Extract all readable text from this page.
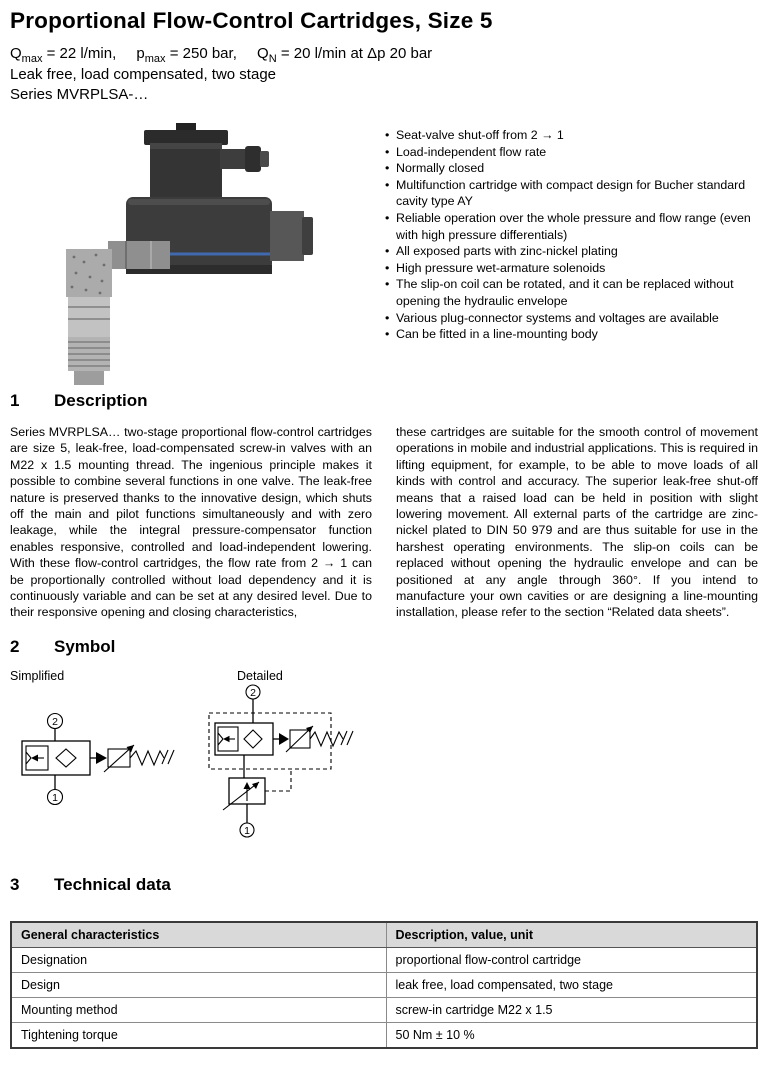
Proportional Flow-Control Cartridges, Size 5
$Q_{max} = 22$ l/min, $p_{max} = 250$ bar, $Q_N = 20$ l/min at Δp 20 bar
Leak free, load compensated, two stage
Series MVRPLSA-…
• Seat-valve shut-off from 2 → 1
• Load-independent flow rate
• Normally closed
• Multifunction cartridge with compact design for Bucher standard cavity type AY
• Reliable operation over the whole pressure and flow range (even with high pressure differentials)
• All exposed parts with zinc-nickel plating
• High pressure wet-armature solenoids
• The slip-on coil can be rotated, and it can be replaced without opening the hydraulic envelope
• Various plug-connector systems and voltages are available
• Can be fitted in a line-mounting body
1 Description

Series MVRPLSA… two-stage proportional flow-control cartridges are size 5, leak-free, load-compensated screw-in valves with an M22 x 1.5 mounting thread. The ingenious principle makes it possible to combine several functions in one valve. The leak-free nature is preserved thanks to the innovative design, which shuts off the main and pilot functions simultaneously and with zero leakage, while the integral pressure-compensator function enables responsive, controlled and load-independent lowering. With these flow-control cartridges, the flow rate from 2 → 1 can be proportionally controlled without load dependency and it is continuously variable and can be set at any desired level. Due to their responsive opening and closing characteristics,

these cartridges are suitable for the smooth control of movement operations in mobile and industrial applications. This is required in lifting equipment, for example, to be able to move loads of all kinds with control and accuracy. The superior leak-free shut-off means that a raised load can be held in position with slight lowering movement. All external parts of the cartridge are zinc-nickel plated to DIN 50 979 and are thus suitable for use in the harshest operating environments. The slip-on coils can be replaced without opening the hydraulic envelope and can be positioned at any angle through 360°. If you intend to manufacture your own cavities or are designing a line-mounting installation, please refer to the section “Related data sheets”.

2 Symbol
Simplified	Detailed
2
1
2
1
3 Technical data
General characteristics	Description, value, unit
Designation	proportional flow-control cartridge
Design	leak free, load compensated, two stage
Mounting method	screw-in cartridge M22 x 1.5
Tightening torque	50 Nm ± 10 %
